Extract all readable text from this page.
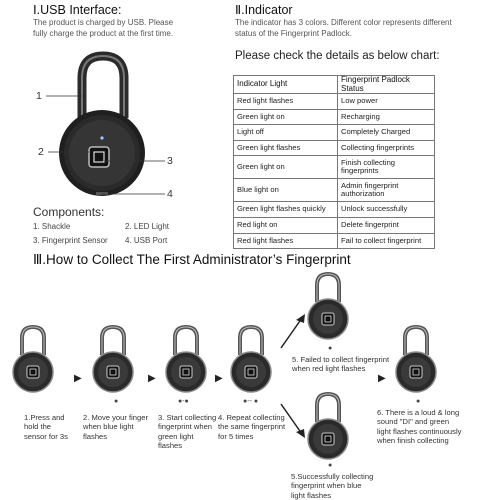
Ⅰ.USB Interface:
The product is charged by USB. Please
fully charge the product at the first time.
1
2
3
4
Components:
1. Shackle	2. LED Light
3. Fingerprint Sensor 4. USB Port
Ⅱ.Indicator
The indicator has 3 colors. Different color represents different
status of the Fingerprint Padlock.
Please check the details as below chart:
Indicator Light	Fingerprint Padlock Status
Red light flashes	Low power
Green light on	Recharging
Light off	Completely Charged
Green light flashes	Collecting fingerprints
Green light on	Finish collecting
fingerprints
Blue light on	Admin fingerprint
authorization
Green light flashes quickly	Unlock successfully
Red light on	Delete fingerprint
Red light flashes	Fail to collect fingerprint
Ⅲ.How to Collect The First Administrator’s Fingerprint
▶	▶	▶	▶
●	●-●	●-- ●
●
●
●
1.Press and
hold the
sensor for 3s
2. Move your finger
when blue light
flashes
3. Start collecting
fingerprint when
green light
flashes
4. Repeat collecting
the same fingerprint
for 5 times
5. Failed to collect fingerprint
when red light flashes
5.Successfully collecting
fingerprint when blue
light flashes
6. There is a loud & long
sound "DI" and green
light flashes continuously
when finish collecting
